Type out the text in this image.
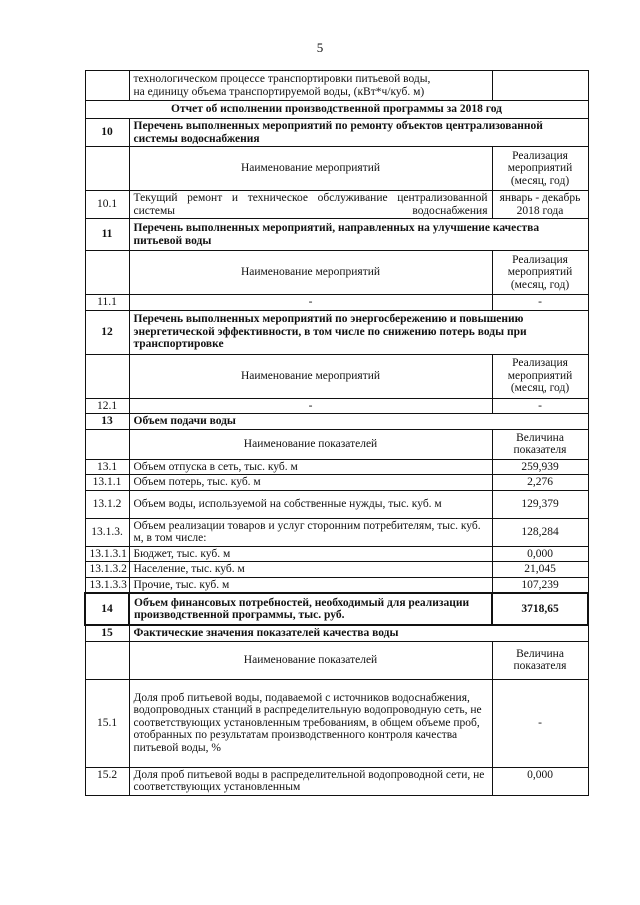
5

	технологическом процессе транспортировки питьевой воды,
на единицу объема транспортируемой воды, (кВт*ч/куб. м)	

Отчет об исполнении производственной программы за 2018 год		
10	Перечень выполненных мероприятий по ремонту объектов централизованной системы водоснабжения	
	Наименование мероприятий	Реализация мероприятий (месяц, год)
10.1	Текущий ремонт и техническое обслуживание централизованной системы водоснабжения	январь - декабрь 2018 года
11	Перечень выполненных мероприятий, направленных на улучшение качества питьевой воды	
	Наименование мероприятий	Реализация мероприятий (месяц, год)
11.1	-	-
12	Перечень выполненных мероприятий по энергосбережению и повышению энергетической эффективности, в том числе по снижению потерь воды при транспортировке	
	Наименование мероприятий	Реализация мероприятий (месяц, год)
12.1	-	-
13	Объем подачи воды	
	Наименование показателей	Величина показателя
13.1	Объем отпуска в сеть, тыс. куб. м	259,939
13.1.1	Объем потерь, тыс. куб. м	2,276
13.1.2	Объем воды, используемой на собственные нужды, тыс. куб. м	129,379
13.1.3.	Объем реализации товаров и услуг сторонним потребителям, тыс. куб. м, в том числе:	128,284
13.1.3.1	Бюджет, тыс. куб. м	0,000
13.1.3.2	Население, тыс. куб. м	21,045
13.1.3.3	Прочие, тыс. куб. м	107,239
14	Объем финансовых потребностей, необходимый для реализации производственной программы, тыс. руб.	3718,65
15	Фактические значения показателей качества воды	
	Наименование показателей	Величина показателя
15.1	Доля проб питьевой воды, подаваемой с источников водоснабжения, водопроводных станций в распределительную водопроводную сеть, не соответствующих установленным требованиям, в общем объеме проб, отобранных по результатам производственного контроля качества питьевой воды, %	-
15.2	Доля проб питьевой воды в распределительной водопроводной сети, не соответствующих установленным	0,000
